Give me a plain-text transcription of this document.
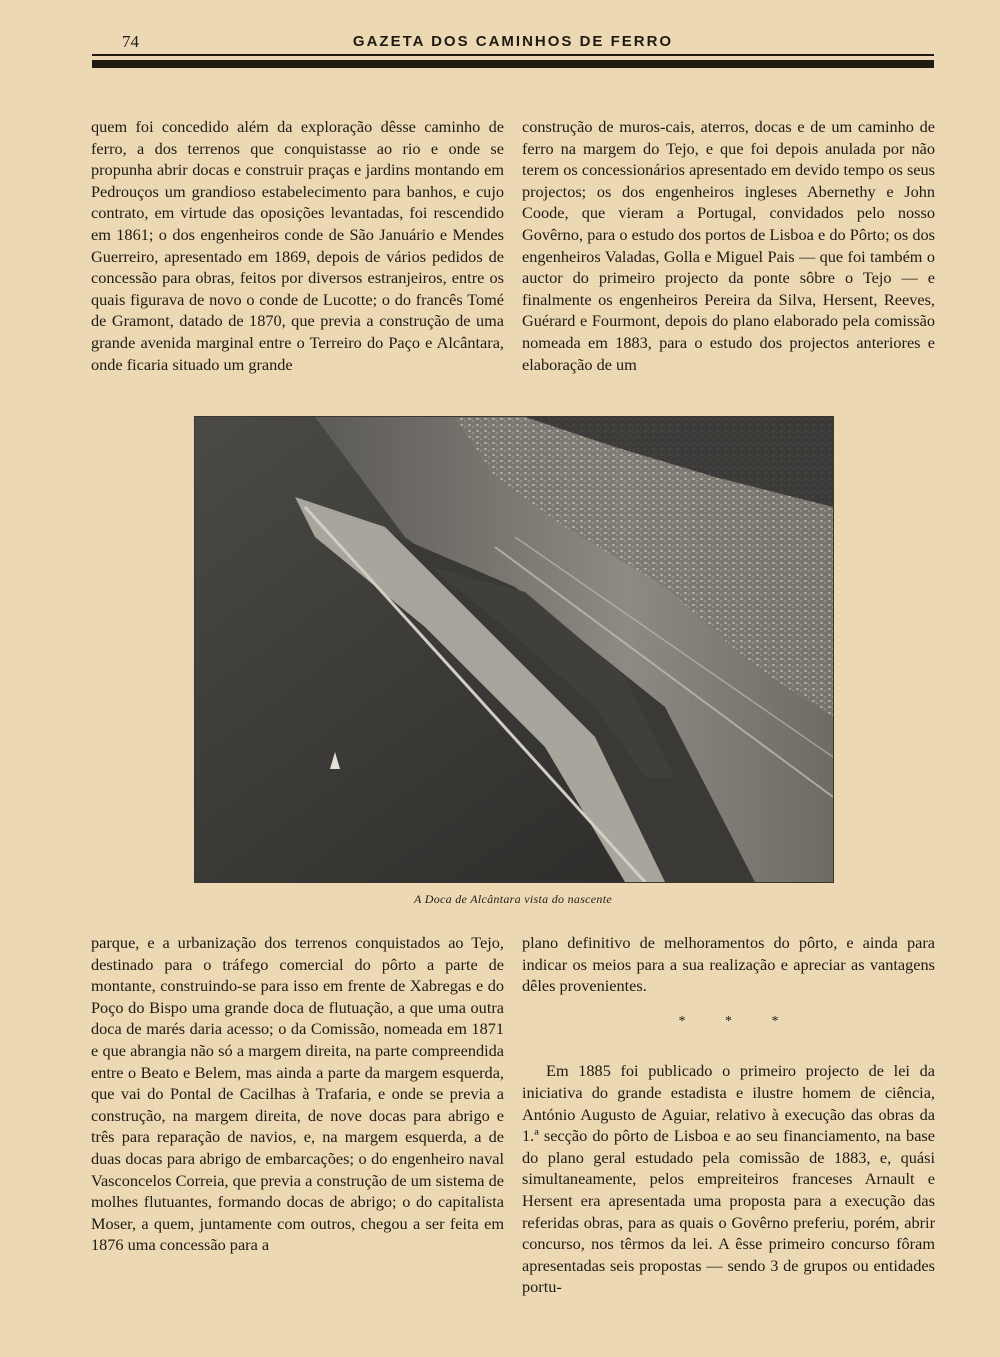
74	GAZETA DOS CAMINHOS DE FERRO

quem foi concedido além da exploração dêsse caminho de ferro, a dos terrenos que conquistasse ao rio e onde se propunha abrir docas e construir praças e jardins montando em Pedrouços um grandioso estabelecimento para banhos, e cujo contrato, em virtude das oposições levantadas, foi rescendido em 1861; o dos engenheiros conde de São Januário e Mendes Guerreiro, apresentado em 1869, depois de vários pedidos de concessão para obras, feitos por diversos estranjeiros, entre os quais figurava de novo o conde de Lucotte; o do francês Tomé de Gramont, datado de 1870, que previa a construção de uma grande avenida marginal entre o Terreiro do Paço e Alcântara, onde ficaria situado um grande

construção de muros-cais, aterros, docas e de um caminho de ferro na margem do Tejo, e que foi depois anulada por não terem os concessionários apresentado em devido tempo os seus projectos; os dos engenheiros ingleses Abernethy e John Coode, que vieram a Portugal, convidados pelo nosso Govêrno, para o estudo dos portos de Lisboa e do Pôrto; os dos engenheiros Valadas, Golla e Miguel Pais — que foi também o auctor do primeiro projecto da ponte sôbre o Tejo — e finalmente os engenheiros Pereira da Silva, Hersent, Reeves, Guérard e Fourmont, depois do plano elaborado pela comissão nomeada em 1883, para o estudo dos projectos anteriores e elaboração de um

A Doca de Alcântara vista do nascente

parque, e a urbanização dos terrenos conquistados ao Tejo, destinado para o tráfego comercial do pôrto a parte de montante, construindo-se para isso em frente de Xabregas e do Poço do Bispo uma grande doca de flutuação, a que uma outra doca de marés daria acesso; o da Comissão, nomeada em 1871 e que abrangia não só a margem direita, na parte compreendida entre o Beato e Belem, mas ainda a parte da margem esquerda, que vai do Pontal de Cacilhas à Trafaria, e onde se previa a construção, na margem direita, de nove docas para abrigo e três para reparação de navios, e, na margem esquerda, a de duas docas para abrigo de embarcações; o do engenheiro naval Vasconcelos Correia, que previa a construção de um sistema de molhes flutuantes, formando docas de abrigo; o do capitalista Moser, a quem, juntamente com outros, chegou a ser feita em 1876 uma concessão para a

plano definitivo de melhoramentos do pôrto, e ainda para indicar os meios para a sua realização e apreciar as vantagens dêles provenientes.

* * *

Em 1885 foi publicado o primeiro projecto de lei da iniciativa do grande estadista e ilustre homem de ciência, António Augusto de Aguiar, relativo à execução das obras da 1.ª secção do pôrto de Lisboa e ao seu financiamento, na base do plano geral estudado pela comissão de 1883, e, quási simultaneamente, pelos empreiteiros franceses Arnault e Hersent era apresentada uma proposta para a execução das referidas obras, para as quais o Govêrno preferiu, porém, abrir concurso, nos têrmos da lei. A êsse primeiro concurso fôram apresentadas seis propostas — sendo 3 de grupos ou entidades portu-
